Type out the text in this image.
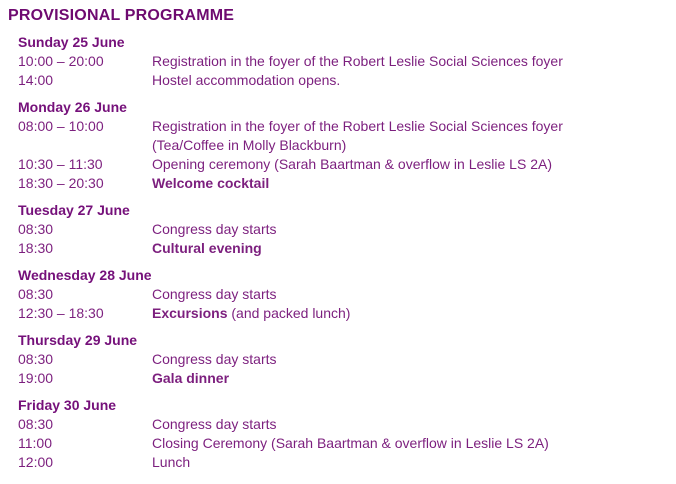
PROVISIONAL PROGRAMME
Sunday 25 June
10:00 – 20:00	Registration in the foyer of the Robert Leslie Social Sciences foyer
14:00	Hostel accommodation opens.
Monday 26 June
08:00 – 10:00	Registration in the foyer of the Robert Leslie Social Sciences foyer
(Tea/Coffee in Molly Blackburn)
10:30 – 11:30	Opening ceremony (Sarah Baartman & overflow in Leslie LS 2A)
18:30 – 20:30	Welcome cocktail
Tuesday 27 June
08:30	Congress day starts
18:30	Cultural evening
Wednesday 28 June
08:30	Congress day starts
12:30 – 18:30	Excursions (and packed lunch)
Thursday 29 June
08:30	Congress day starts
19:00	Gala dinner
Friday 30 June
08:30	Congress day starts
11:00	Closing Ceremony (Sarah Baartman & overflow in Leslie LS 2A)
12:00	Lunch
